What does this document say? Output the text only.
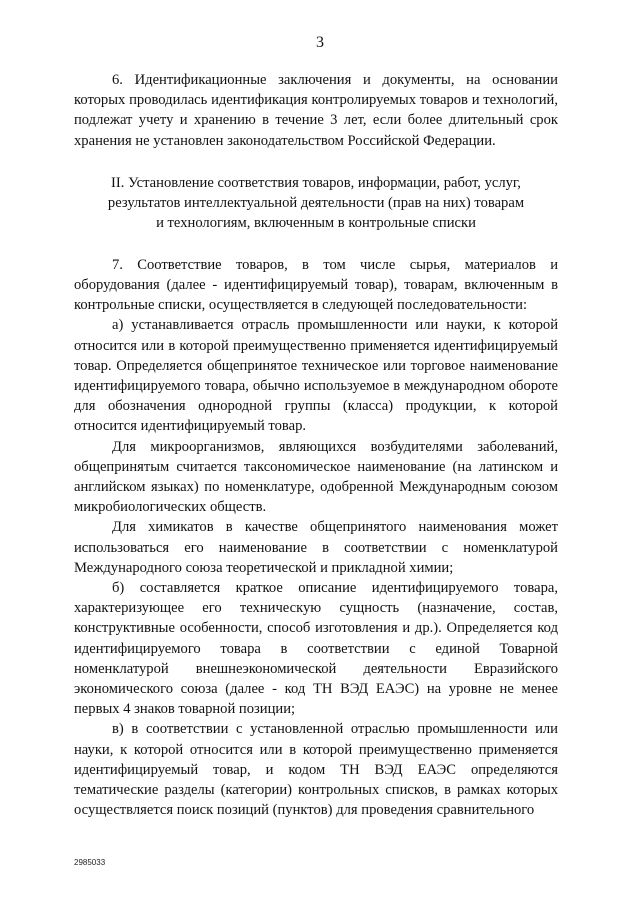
3

6. Идентификационные заключения и документы, на основании которых проводилась идентификация контролируемых товаров и технологий, подлежат учету и хранению в течение 3 лет, если более длительный срок хранения не установлен законодательством Российской Федерации.

II. Установление соответствия товаров, информации, работ, услуг,
результатов интеллектуальной деятельности (прав на них) товарам
и технологиям, включенным в контрольные списки

7. Соответствие товаров, в том числе сырья, материалов и оборудования (далее - идентифицируемый товар), товарам, включенным в контрольные списки, осуществляется в следующей последовательности:

а) устанавливается отрасль промышленности или науки, к которой относится или в которой преимущественно применяется идентифицируемый товар. Определяется общепринятое техническое или торговое наименование идентифицируемого товара, обычно используемое в международном обороте для обозначения однородной группы (класса) продукции, к которой относится идентифицируемый товар.

Для микроорганизмов, являющихся возбудителями заболеваний, общепринятым считается таксономическое наименование (на латинском и английском языках) по номенклатуре, одобренной Международным союзом микробиологических обществ.

Для химикатов в качестве общепринятого наименования может использоваться его наименование в соответствии с номенклатурой Международного союза теоретической и прикладной химии;

б) составляется краткое описание идентифицируемого товара, характеризующее его техническую сущность (назначение, состав, конструктивные особенности, способ изготовления и др.). Определяется код идентифицируемого товара в соответствии с единой Товарной номенклатурой внешнеэкономической деятельности Евразийского экономического союза (далее - код ТН ВЭД ЕАЭС) на уровне не менее первых 4 знаков товарной позиции;

в) в соответствии с установленной отраслью промышленности или науки, к которой относится или в которой преимущественно применяется идентифицируемый товар, и кодом ТН ВЭД ЕАЭС определяются тематические разделы (категории) контрольных списков, в рамках которых осуществляется поиск позиций (пунктов) для проведения сравнительного

2985033
